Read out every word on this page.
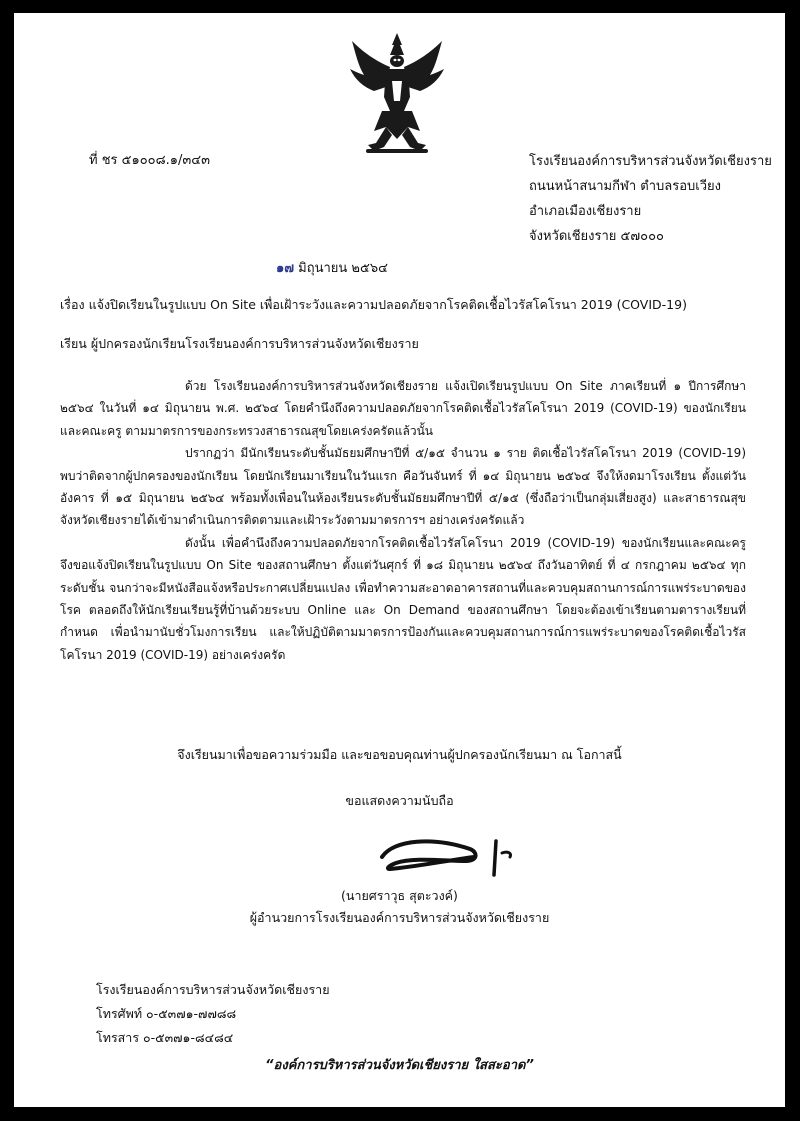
ที่ ชร ๕๑๐๐๘.๑/๓๔๓	โรงเรียนองค์การบริหารส่วนจังหวัดเชียงราย
ถนนหน้าสนามกีฬา ตำบลรอบเวียง
อำเภอเมืองเชียงราย
จังหวัดเชียงราย ๕๗๐๐๐
๑๗ มิถุนายน ๒๕๖๔
เรื่อง แจ้งปิดเรียนในรูปแบบ On Site เพื่อเฝ้าระวังและความปลอดภัยจากโรคติดเชื้อไวรัสโคโรนา 2019 (COVID-19)
เรียน ผู้ปกครองนักเรียนโรงเรียนองค์การบริหารส่วนจังหวัดเชียงราย

ด้วย โรงเรียนองค์การบริหารส่วนจังหวัดเชียงราย แจ้งเปิดเรียนรูปแบบ On Site ภาคเรียนที่ ๑ ปีการศึกษา ๒๕๖๔ ในวันที่ ๑๔ มิถุนายน พ.ศ. ๒๕๖๔ โดยคำนึงถึงความปลอดภัยจากโรคติดเชื้อไวรัสโคโรนา 2019 (COVID-19) ของนักเรียนและคณะครู ตามมาตรการของกระทรวงสาธารณสุขโดยเคร่งครัดแล้วนั้น

ปรากฏว่า มีนักเรียนระดับชั้นมัธยมศึกษาปีที่ ๕/๑๕ จำนวน ๑ ราย ติดเชื้อไวรัสโคโรนา 2019 (COVID-19) พบว่าติดจากผู้ปกครองของนักเรียน โดยนักเรียนมาเรียนในวันแรก คือวันจันทร์ ที่ ๑๔ มิถุนายน ๒๕๖๔ จึงให้งดมาโรงเรียน ตั้งแต่วันอังคาร ที่ ๑๕ มิถุนายน ๒๕๖๔ พร้อมทั้งเพื่อนในห้องเรียนระดับชั้นมัธยมศึกษาปีที่ ๕/๑๕ (ซึ่งถือว่าเป็นกลุ่มเสี่ยงสูง) และสาธารณสุขจังหวัดเชียงรายได้เข้ามาดำเนินการติดตามและเฝ้าระวังตามมาตรการฯ อย่างเคร่งครัดแล้ว

ดังนั้น เพื่อคำนึงถึงความปลอดภัยจากโรคติดเชื้อไวรัสโคโรนา 2019 (COVID-19) ของนักเรียนและคณะครู จึงขอแจ้งปิดเรียนในรูปแบบ On Site ของสถานศึกษา ตั้งแต่วันศุกร์ ที่ ๑๘ มิถุนายน ๒๕๖๔ ถึงวันอาทิตย์ ที่ ๔ กรกฎาคม ๒๕๖๔ ทุกระดับชั้น จนกว่าจะมีหนังสือแจ้งหรือประกาศเปลี่ยนแปลง เพื่อทำความสะอาดอาคารสถานที่และควบคุมสถานการณ์การแพร่ระบาดของโรค ตลอดถึงให้นักเรียนเรียนรู้ที่บ้านด้วยระบบ Online และ On Demand ของสถานศึกษา โดยจะต้องเข้าเรียนตามตารางเรียนที่กำหนด เพื่อนำมานับชั่วโมงการเรียน และให้ปฏิบัติตามมาตรการป้องกันและควบคุมสถานการณ์การแพร่ระบาดของโรคติดเชื้อไวรัสโคโรนา 2019 (COVID-19) อย่างเคร่งครัด

จึงเรียนมาเพื่อขอความร่วมมือ และขอขอบคุณท่านผู้ปกครองนักเรียนมา ณ โอกาสนี้
ขอแสดงความนับถือ
(นายศราวุธ สุตะวงค์)
ผู้อำนวยการโรงเรียนองค์การบริหารส่วนจังหวัดเชียงราย
โรงเรียนองค์การบริหารส่วนจังหวัดเชียงราย
โทรศัพท์ ๐-๕๓๗๑-๗๗๘๘
โทรสาร ๐-๕๓๗๑-๘๔๘๔
“องค์การบริหารส่วนจังหวัดเชียงราย ใสสะอาด”
